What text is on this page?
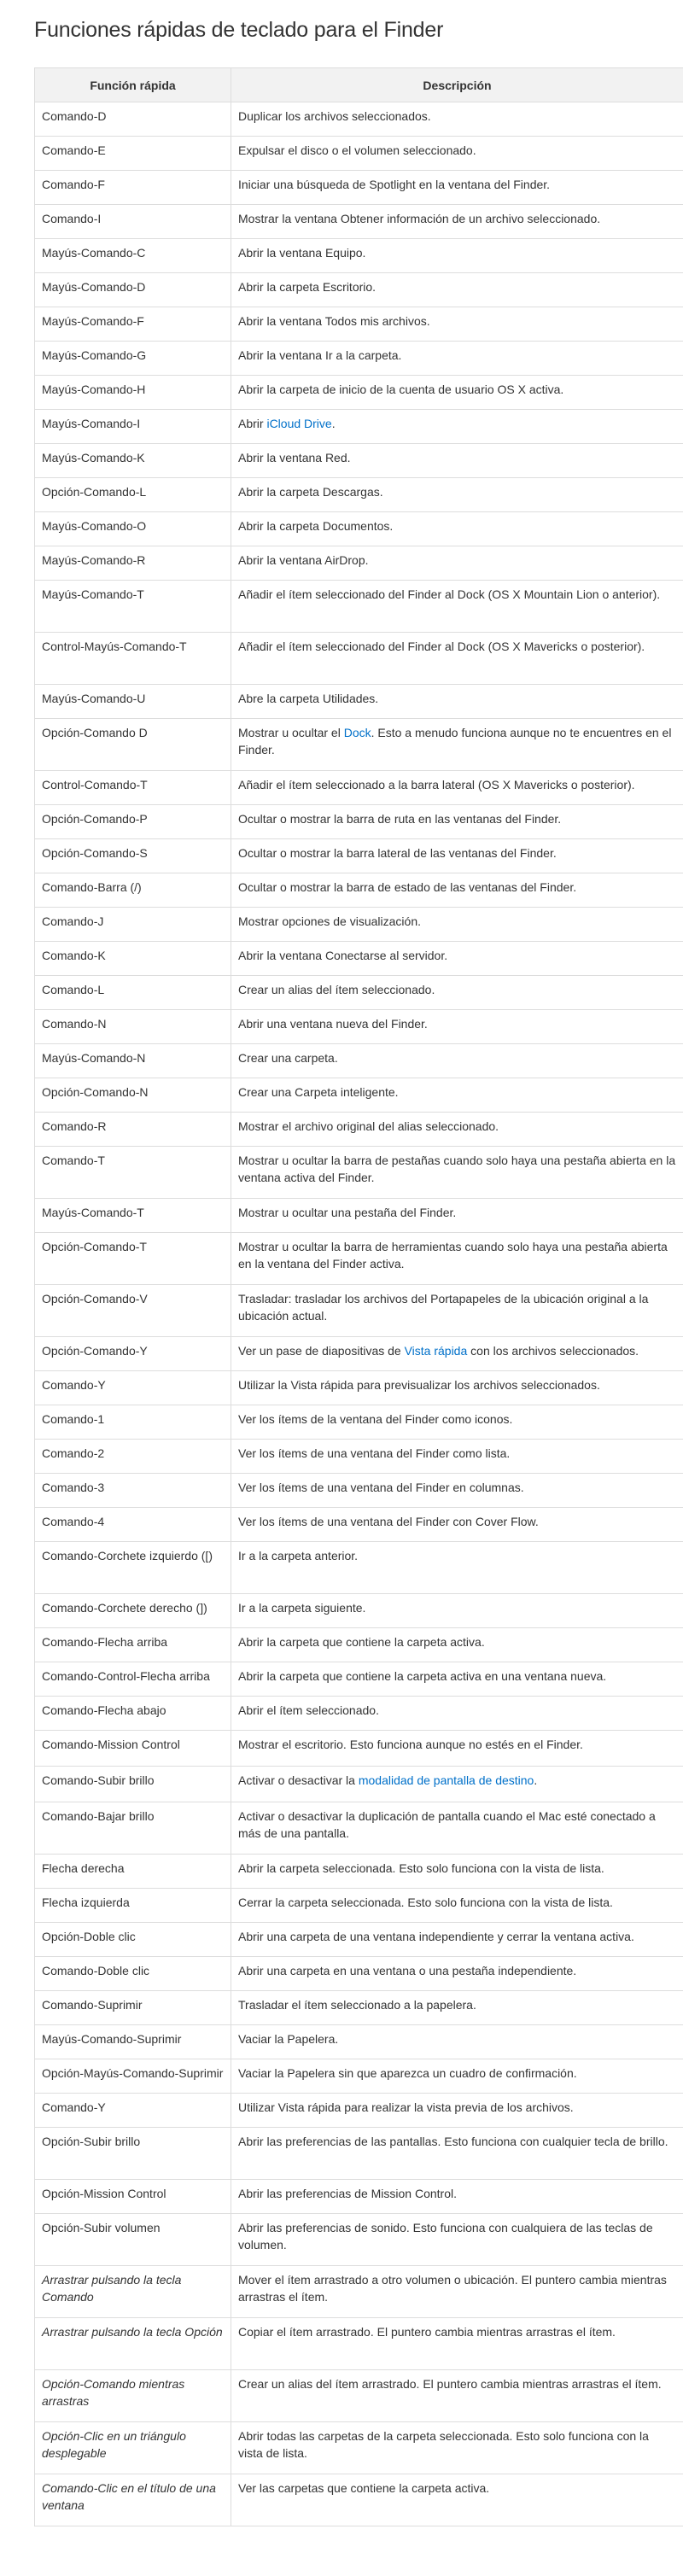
Funciones rápidas de teclado para el Finder
Función rápida	Descripción
Comando-D	Duplicar los archivos seleccionados.
Comando-E	Expulsar el disco o el volumen seleccionado.
Comando-F	Iniciar una búsqueda de Spotlight en la ventana del Finder.
Comando-I	Mostrar la ventana Obtener información de un archivo seleccionado.
Mayús-Comando-C	Abrir la ventana Equipo.
Mayús-Comando-D	Abrir la carpeta Escritorio.
Mayús-Comando-F	Abrir la ventana Todos mis archivos.
Mayús-Comando-G	Abrir la ventana Ir a la carpeta.
Mayús-Comando-H	Abrir la carpeta de inicio de la cuenta de usuario OS X activa.
Mayús-Comando-I	Abrir iCloud Drive.
Mayús-Comando-K	Abrir la ventana Red.
Opción-Comando-L	Abrir la carpeta Descargas.
Mayús-Comando-O	Abrir la carpeta Documentos.
Mayús-Comando-R	Abrir la ventana AirDrop.
Mayús-Comando-T	Añadir el ítem seleccionado del Finder al Dock (OS X Mountain Lion o anterior).
Control-Mayús-Comando-T	Añadir el ítem seleccionado del Finder al Dock (OS X Mavericks o posterior).
Mayús-Comando-U	Abre la carpeta Utilidades.
Opción-Comando D	Mostrar u ocultar el Dock. Esto a menudo funciona aunque no te encuentres en el Finder.
Control-Comando-T	Añadir el ítem seleccionado a la barra lateral (OS X Mavericks o posterior).
Opción-Comando-P	Ocultar o mostrar la barra de ruta en las ventanas del Finder.
Opción-Comando-S	Ocultar o mostrar la barra lateral de las ventanas del Finder.
Comando-Barra (/)	Ocultar o mostrar la barra de estado de las ventanas del Finder.
Comando-J	Mostrar opciones de visualización.
Comando-K	Abrir la ventana Conectarse al servidor.
Comando-L	Crear un alias del ítem seleccionado.
Comando-N	Abrir una ventana nueva del Finder.
Mayús-Comando-N	Crear una carpeta.
Opción-Comando-N	Crear una Carpeta inteligente.
Comando-R	Mostrar el archivo original del alias seleccionado.
Comando-T	Mostrar u ocultar la barra de pestañas cuando solo haya una pestaña abierta en la ventana activa del Finder.
Mayús-Comando-T	Mostrar u ocultar una pestaña del Finder.
Opción-Comando-T	Mostrar u ocultar la barra de herramientas cuando solo haya una pestaña abierta en la ventana del Finder activa.
Opción-Comando-V	Trasladar: trasladar los archivos del Portapapeles de la ubicación original a la ubicación actual.
Opción-Comando-Y	Ver un pase de diapositivas de Vista rápida con los archivos seleccionados.
Comando-Y	Utilizar la Vista rápida para previsualizar los archivos seleccionados.
Comando-1	Ver los ítems de la ventana del Finder como iconos.
Comando-2	Ver los ítems de una ventana del Finder como lista.
Comando-3	Ver los ítems de una ventana del Finder en columnas.
Comando-4	Ver los ítems de una ventana del Finder con Cover Flow.
Comando-Corchete izquierdo ([)	Ir a la carpeta anterior.
Comando-Corchete derecho (])	Ir a la carpeta siguiente.
Comando-Flecha arriba	Abrir la carpeta que contiene la carpeta activa.
Comando-Control-Flecha arriba	Abrir la carpeta que contiene la carpeta activa en una ventana nueva.
Comando-Flecha abajo	Abrir el ítem seleccionado.
Comando-Mission Control	Mostrar el escritorio. Esto funciona aunque no estés en el Finder.
Comando-Subir brillo	Activar o desactivar la modalidad de pantalla de destino.
Comando-Bajar brillo	Activar o desactivar la duplicación de pantalla cuando el Mac esté conectado a más de una pantalla.
Flecha derecha	Abrir la carpeta seleccionada. Esto solo funciona con la vista de lista.
Flecha izquierda	Cerrar la carpeta seleccionada. Esto solo funciona con la vista de lista.
Opción-Doble clic	Abrir una carpeta de una ventana independiente y cerrar la ventana activa.
Comando-Doble clic	Abrir una carpeta en una ventana o una pestaña independiente.
Comando-Suprimir	Trasladar el ítem seleccionado a la papelera.
Mayús-Comando-Suprimir	Vaciar la Papelera.
Opción-Mayús-Comando-Suprimir	Vaciar la Papelera sin que aparezca un cuadro de confirmación.
Comando-Y	Utilizar Vista rápida para realizar la vista previa de los archivos.
Opción-Subir brillo	Abrir las preferencias de las pantallas. Esto funciona con cualquier tecla de brillo.
Opción-Mission Control	Abrir las preferencias de Mission Control.
Opción-Subir volumen	Abrir las preferencias de sonido. Esto funciona con cualquiera de las teclas de volumen.
Arrastrar pulsando la tecla Comando	Mover el ítem arrastrado a otro volumen o ubicación. El puntero cambia mientras arrastras el ítem.
Arrastrar pulsando la tecla Opción	Copiar el ítem arrastrado. El puntero cambia mientras arrastras el ítem.
Opción-Comando mientras arrastras	Crear un alias del ítem arrastrado. El puntero cambia mientras arrastras el ítem.
Opción-Clic en un triángulo desplegable	Abrir todas las carpetas de la carpeta seleccionada. Esto solo funciona con la vista de lista.
Comando-Clic en el título de una ventana	Ver las carpetas que contiene la carpeta activa.
